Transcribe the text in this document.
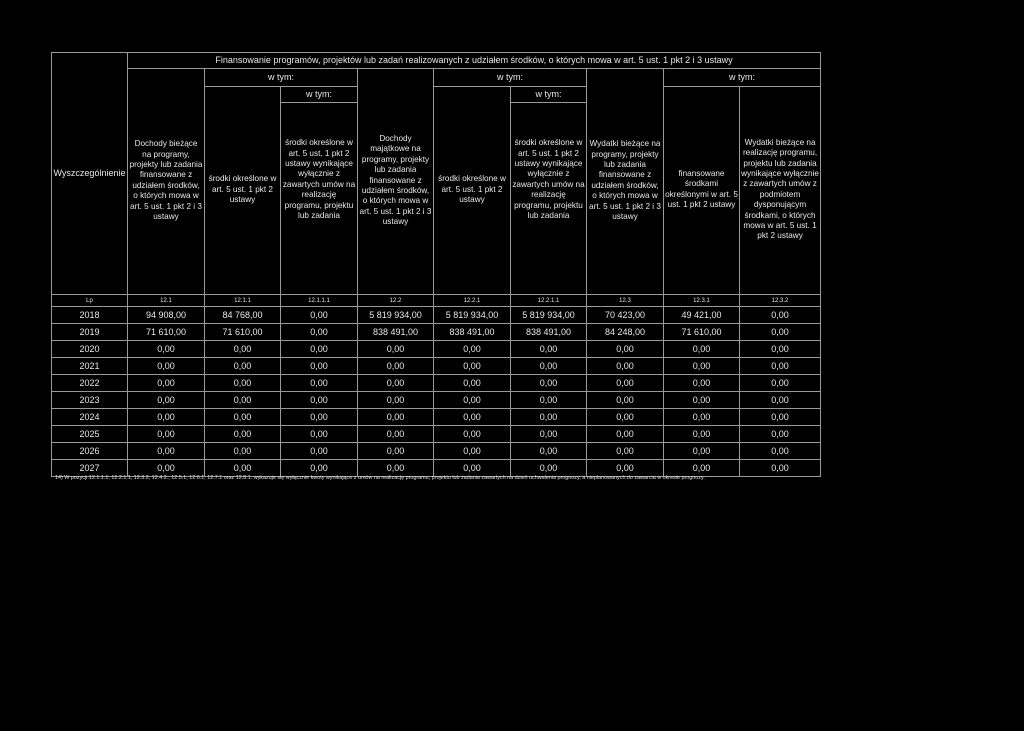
Wyszczególnienie	Finansowanie programów, projektów lub zadań realizowanych z udziałem środków, o których mowa w art. 5 ust. 1 pkt 2 i 3 ustawy								
	Dochody bieżące na programy, projekty lub zadania finansowane z udziałem środków, o których mowa w art. 5 ust. 1 pkt 2 i 3 ustawy	w tym:		Dochody majątkowe na programy, projekty lub zadania finansowane z udziałem środków, o których mowa w art. 5 ust. 1 pkt 2 i 3 ustawy	w tym:		Wydatki bieżące na programy, projekty lub zadania finansowane z udziałem środków, o których mowa w art. 5 ust. 1 pkt 2 i 3 ustawy	w tym:	
		środki określone w art. 5 ust. 1 pkt 2 ustawy	w tym:		środki określone w art. 5 ust. 1 pkt 2 ustawy	w tym:		finansowane środkami określonymi w art. 5 ust. 1 pkt 2 ustawy	Wydatki bieżące na realizację programu, projektu lub zadania wynikające wyłącznie z zawartych umów z podmiotem dysponującym środkami, o których mowa w art. 5 ust. 1 pkt 2 ustawy
			środki określone w art. 5 ust. 1 pkt 2 ustawy wynikające wyłącznie z zawartych umów na realizację programu, projektu lub zadania			środki określone w art. 5 ust. 1 pkt 2 ustawy wynikające wyłącznie z zawartych umów na realizację programu, projektu lub zadania			

Lp	12.1	12.1.1	12.1.1.1	12.2	12.2.1	12.2.1.1	12.3	12.3.1	12.3.2
2018	94 908,00	84 768,00	0,00	5 819 934,00	5 819 934,00	5 819 934,00	70 423,00	49 421,00	0,00
2019	71 610,00	71 610,00	0,00	838 491,00	838 491,00	838 491,00	84 248,00	71 610,00	0,00
2020	0,00	0,00	0,00	0,00	0,00	0,00	0,00	0,00	0,00
2021	0,00	0,00	0,00	0,00	0,00	0,00	0,00	0,00	0,00
2022	0,00	0,00	0,00	0,00	0,00	0,00	0,00	0,00	0,00
2023	0,00	0,00	0,00	0,00	0,00	0,00	0,00	0,00	0,00
2024	0,00	0,00	0,00	0,00	0,00	0,00	0,00	0,00	0,00
2025	0,00	0,00	0,00	0,00	0,00	0,00	0,00	0,00	0,00
2026	0,00	0,00	0,00	0,00	0,00	0,00	0,00	0,00	0,00
2027	0,00	0,00	0,00	0,00	0,00	0,00	0,00	0,00	0,00
14) W pozycji 12.1.1.1, 12.2.1.1, 12.3.2, 12.4.2., 12.5.1, 12.6.1, 12.7.1 oraz 12.8.1. wykazuje się wyłącznie kwoty wynikające z umów na realizację programu, projektu lub zadania zawartych na dzień uchwalenia prognozy, a nieplanowanych do zawarcia w okresie prognozy.
